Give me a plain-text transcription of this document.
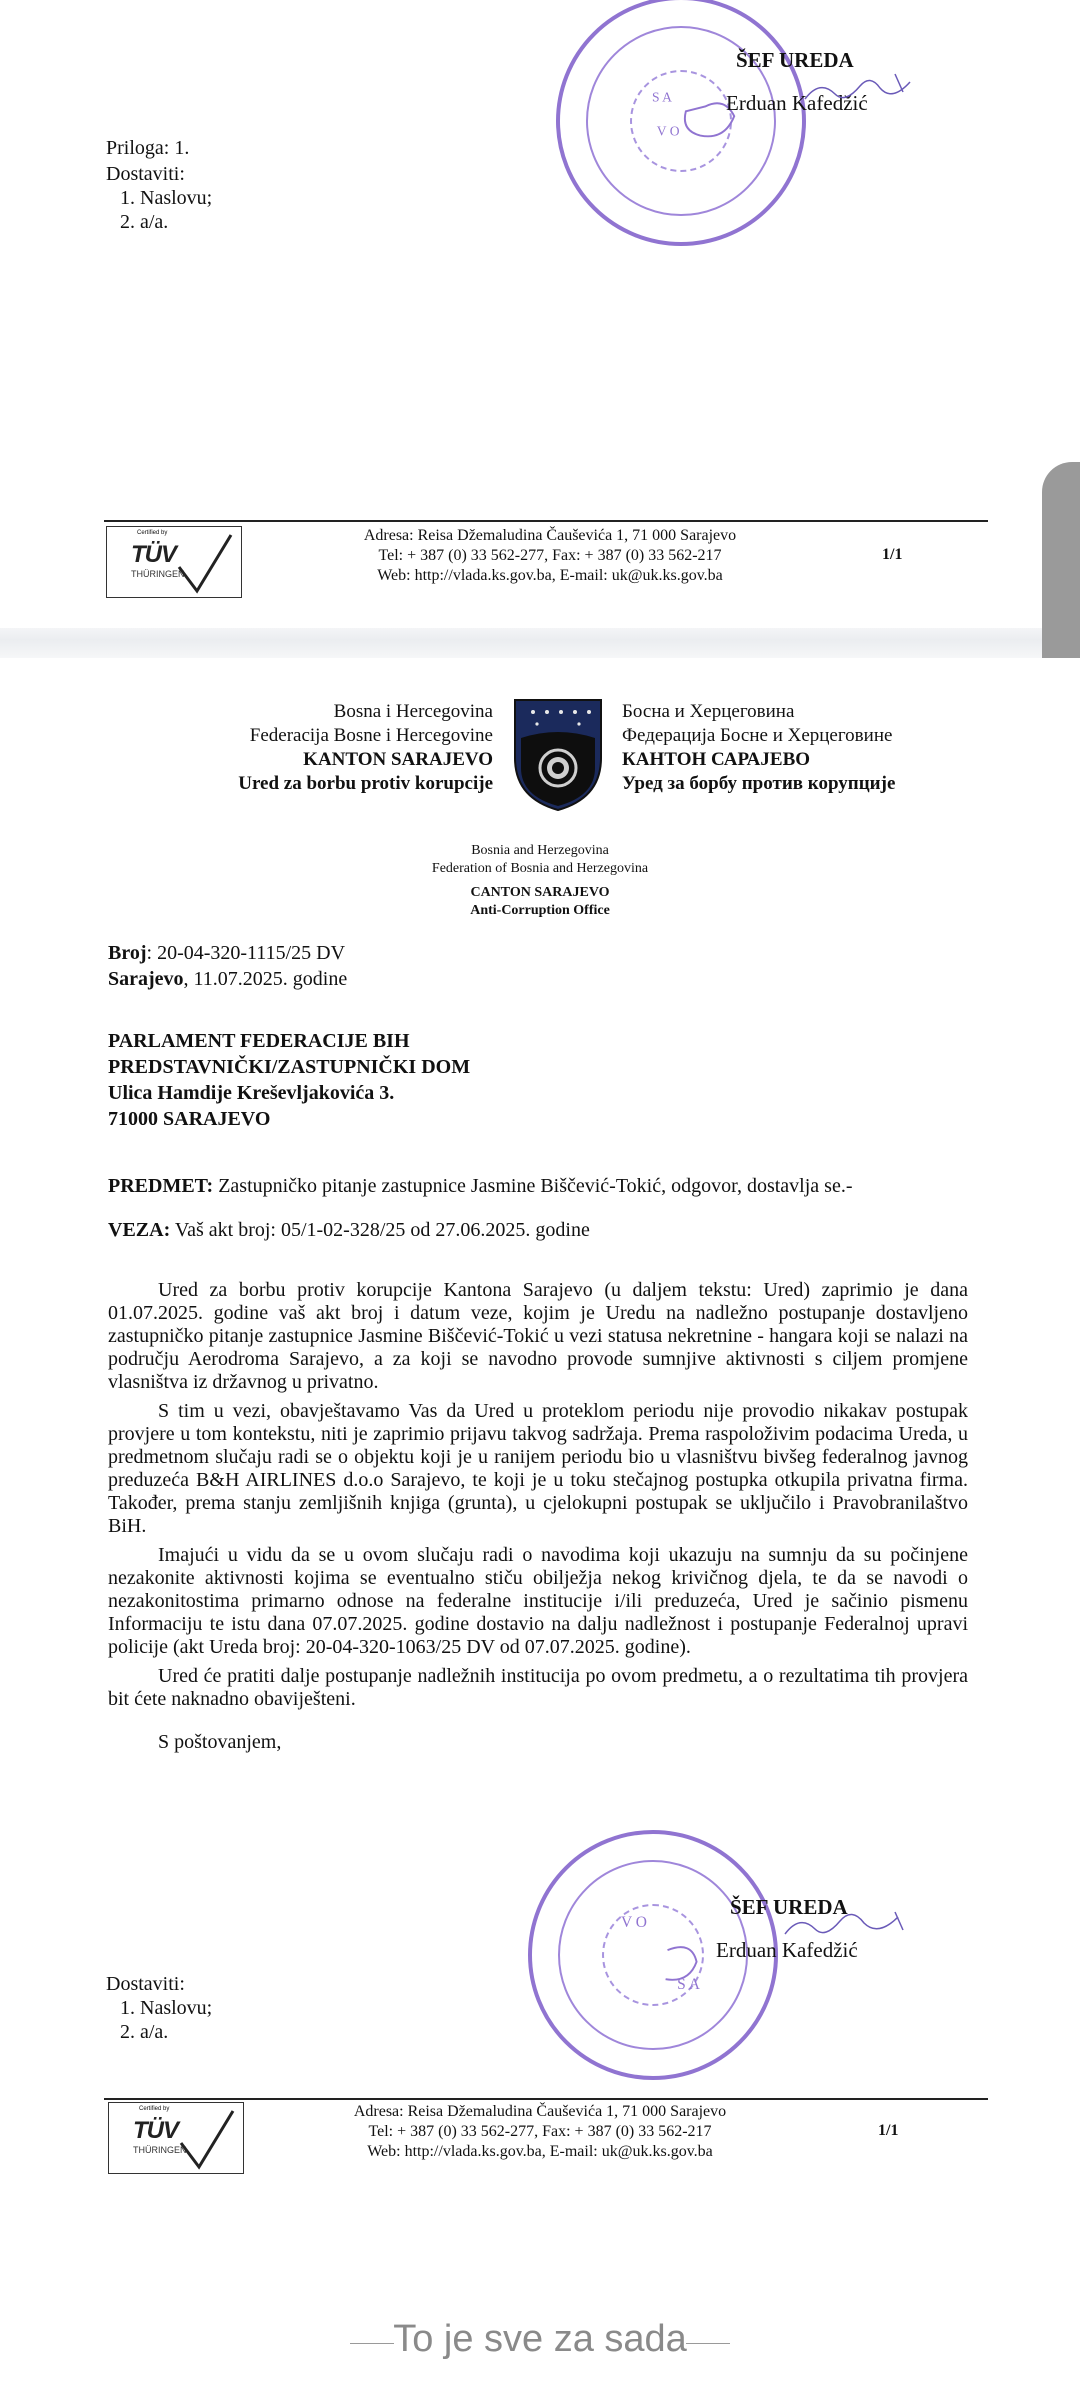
S A
V O
ŠEF UREDA
Erduan Kafedžić
Priloga: 1.
Dostaviti:
1. Naslovu;
2. a/a.
Certified by
TÜV
THÜRINGEN
Adresa: Reisa Džemaludina Čauševića 1, 71 000 Sarajevo
Tel: + 387 (0) 33 562-277, Fax: + 387 (0) 33 562-217
Web: http://vlada.ks.gov.ba, E-mail: uk@uk.ks.gov.ba
1/1
Bosna i Hercegovina
Federacija Bosne i Hercegovine
KANTON SARAJEVO
Ured za borbu protiv korupcije
Босна и Херцеговина
Федерација Босне и Херцеговине
КАНТОН САРАЈЕВО
Уред за борбу против корупције
Bosnia and Herzegovina
Federation of Bosnia and Herzegovina
CANTON SARAJEVO
Anti-Corruption Office
Broj: 20-04-320-1115/25 DV
Sarajevo, 11.07.2025. godine
PARLAMENT FEDERACIJE BIH
PREDSTAVNIČKI/ZASTUPNIČKI DOM
Ulica Hamdije Kreševljakovića 3.
71000 SARAJEVO
PREDMET: Zastupničko pitanje zastupnice Jasmine Biščević-Tokić, odgovor, dostavlja se.-
VEZA: Vaš akt broj: 05/1-02-328/25 od 27.06.2025. godine

Ured za borbu protiv korupcije Kantona Sarajevo (u daljem tekstu: Ured) zaprimio je dana 01.07.2025. godine vaš akt broj i datum veze, kojim je Uredu na nadležno postupanje dostavljeno zastupničko pitanje zastupnice Jasmine Biščević-Tokić u vezi statusa nekretnine - hangara koji se nalazi na području Aerodroma Sarajevo, a za koji se navodno provode sumnjive aktivnosti s ciljem promjene vlasništva iz državnog u privatno.

S tim u vezi, obavještavamo Vas da Ured u proteklom periodu nije provodio nikakav postupak provjere u tom kontekstu, niti je zaprimio prijavu takvog sadržaja. Prema raspoloživim podacima Ureda, u predmetnom slučaju radi se o objektu koji je u ranijem periodu bio u vlasništvu bivšeg federalnog javnog preduzeća B&H AIRLINES d.o.o Sarajevo, te koji je u toku stečajnog postupka otkupila privatna firma. Također, prema stanju zemljišnih knjiga (grunta), u cjelokupni postupak se uključilo i Pravobranilaštvo BiH.

Imajući u vidu da se u ovom slučaju radi o navodima koji ukazuju na sumnju da su počinjene nezakonite aktivnosti kojima se eventualno stiču obilježja nekog krivičnog djela, te da se navodi o nezakonitostima primarno odnose na federalne institucije i/ili preduzeća, Ured je sačinio pismenu Informaciju te istu dana 07.07.2025. godine dostavio na dalju nadležnost i postupanje Federalnoj upravi policije (akt Ureda broj: 20-04-320-1063/25 DV od 07.07.2025. godine).

Ured će pratiti dalje postupanje nadležnih institucija po ovom predmetu, a o rezultatima tih provjera bit ćete naknadno obaviješteni.

S poštovanjem,

V O
S A
ŠEF UREDA
Erduan Kafedžić
Dostaviti:
1. Naslovu;
2. a/a.
Certified by
TÜV
THÜRINGEN
Adresa: Reisa Džemaludina Čauševića 1, 71 000 Sarajevo
Tel: + 387 (0) 33 562-277, Fax: + 387 (0) 33 562-217
Web: http://vlada.ks.gov.ba, E-mail: uk@uk.ks.gov.ba
1/1
To je sve za sada
